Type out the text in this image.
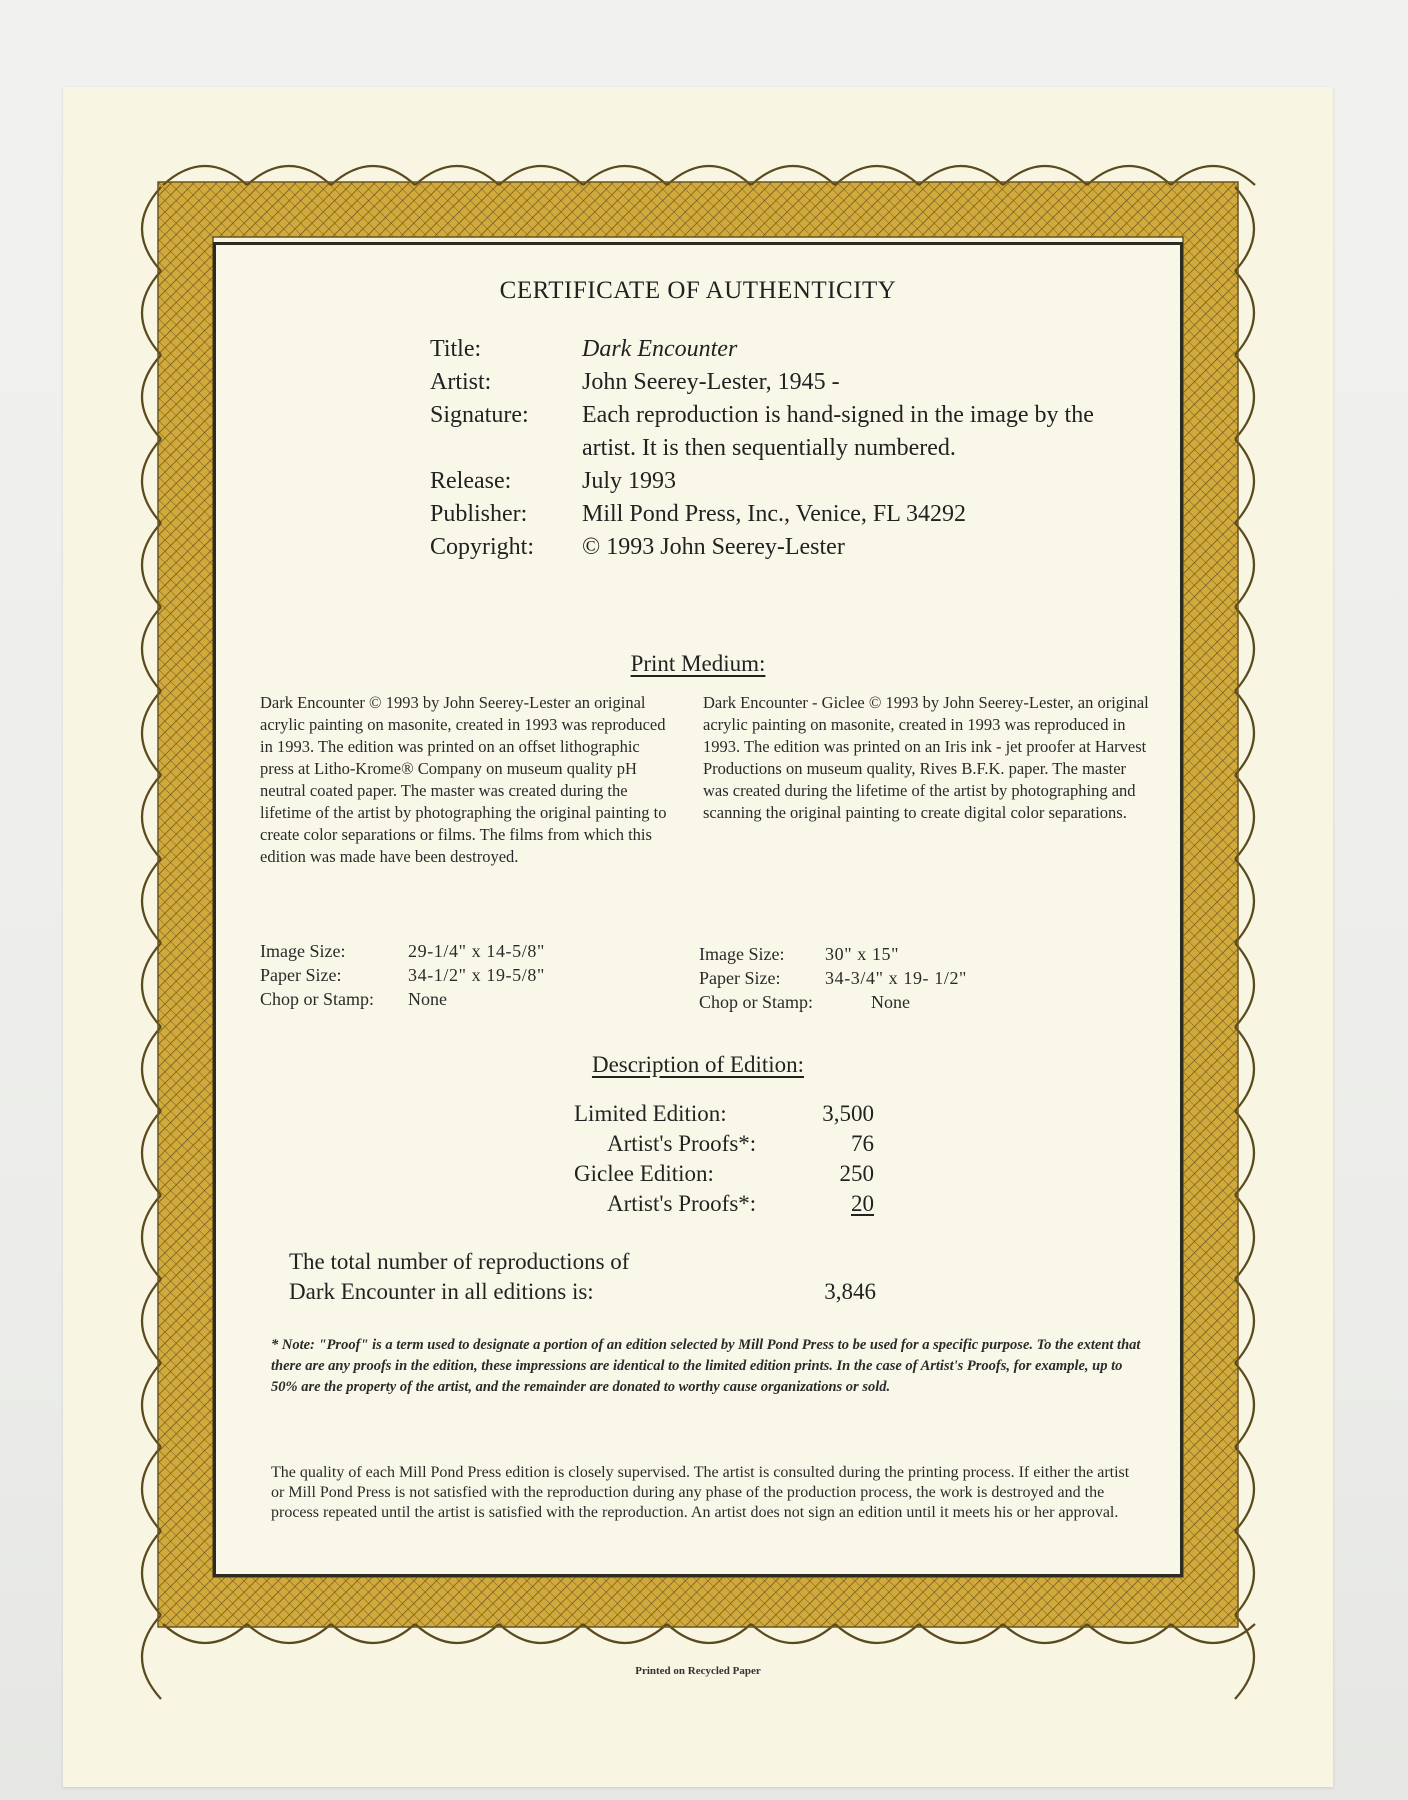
CERTIFICATE OF AUTHENTICITY
Title:	Dark Encounter
Artist:	John Seerey-Lester, 1945 -
Signature:	Each reproduction is hand-signed in the image by the artist. It is then sequentially numbered.
Release:	July 1993
Publisher:	Mill Pond Press, Inc., Venice, FL 34292
Copyright:	© 1993 John Seerey-Lester
Print Medium:
Dark Encounter © 1993 by John Seerey-Lester an original acrylic painting on masonite, created in 1993 was reproduced in 1993. The edition was printed on an offset lithographic press at Litho-Krome® Company on museum quality pH neutral coated paper. The master was created during the lifetime of the artist by photographing the original painting to create color separations or films. The films from which this edition was made have been destroyed.
Dark Encounter - Giclee © 1993 by John Seerey-Lester, an original acrylic painting on masonite, created in 1993 was reproduced in 1993. The edition was printed on an Iris ink - jet proofer at Harvest Productions on museum quality, Rives B.F.K. paper. The master was created during the lifetime of the artist by photographing and scanning the original painting to create digital color separations.
Image Size:	29-1/4" x 14-5/8"
Paper Size:	34-1/2" x 19-5/8"
Chop or Stamp:	None
Image Size:	30" x 15"
Paper Size:	34-3/4" x 19- 1/2"
Chop or Stamp:	None
Description of Edition:
Limited Edition:	3,500
Artist's Proofs*:	76
Giclee Edition:	250
Artist's Proofs*:	20
The total number of reproductions of
Dark Encounter in all editions is:	3,846
* Note: "Proof" is a term used to designate a portion of an edition selected by Mill Pond Press to be used for a specific purpose. To the extent that there are any proofs in the edition, these impressions are identical to the limited edition prints. In the case of Artist's Proofs, for example, up to 50% are the property of the artist, and the remainder are donated to worthy cause organizations or sold.
The quality of each Mill Pond Press edition is closely supervised. The artist is consulted during the printing process. If either the artist or Mill Pond Press is not satisfied with the reproduction during any phase of the production process, the work is destroyed and the process repeated until the artist is satisfied with the reproduction. An artist does not sign an edition until it meets his or her approval.
Printed on Recycled Paper
